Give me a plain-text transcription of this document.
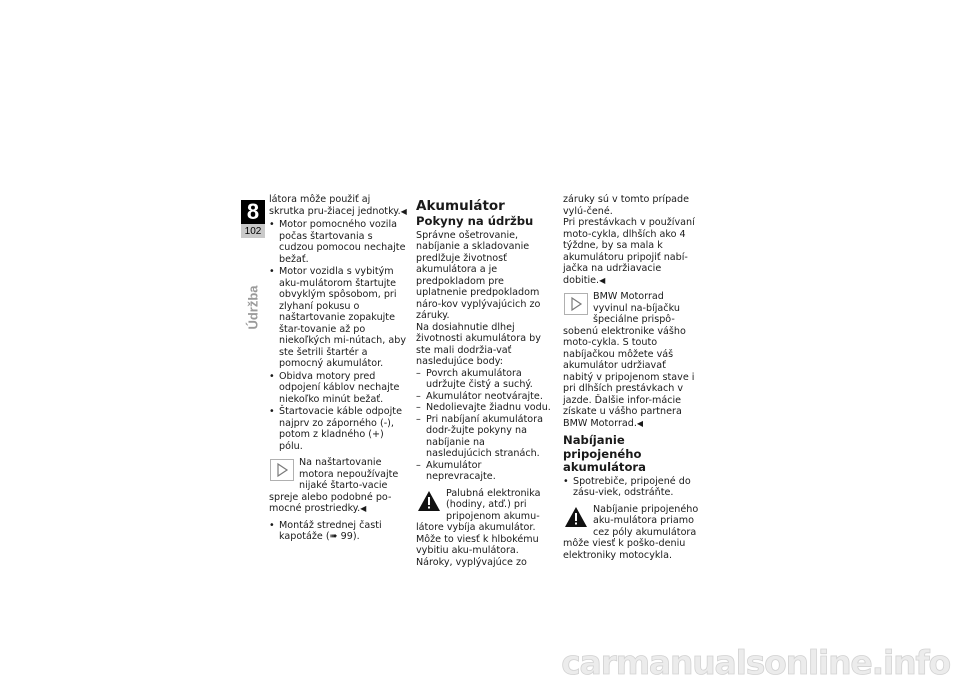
8
102
Údržba

látora môže použiť aj skrutka pru-žiacej jednotky.◀

• Motor pomocného vozila počas štartovania s cudzou pomocou nechajte bežať.
• Motor vozidla s vybitým aku-mulátorom štartujte obvyklým spôsobom, pri zlyhaní pokusu o naštartovanie zopakujte štar-tovanie až po niekoľkých mi-nútach, aby ste šetrili štartér a pomocný akumulátor.
• Obidva motory pred odpojení káblov nechajte niekoľko minút bežať.
• Štartovacie káble odpojte najprv zo záporného (-), potom z kladného (+) pólu.
Na naštartovanie motora nepoužívajte nijaké štarto-vacie spreje alebo podobné po-mocné prostriedky.◀
• Montáž strednej časti kapotáže (➠ 99).
Akumulátor
Pokyny na údržbu

Správne ošetrovanie, nabíjanie a skladovanie predlžuje životnosť akumulátora a je predpokladom pre uplatnenie predpokladom náro-kov vyplývajúcich zo záruky.

Na dosiahnutie dlhej životnosti akumulátora by ste mali dodržia-vať nasledujúce body:

– Povrch akumulátora udržujte čistý a suchý.
– Akumulátor neotvárajte.
– Nedolievajte žiadnu vodu.
– Pri nabíjaní akumulátora dodr-žujte pokyny na nabíjanie na nasledujúcich stranách.
– Akumulátor neprevracajte.
Palubná elektronika (hodiny, atď.) pri pripojenom akumu-látore vybíja akumulátor. Môže to viesť k hlbokému vybitiu aku-mulátora. Nároky, vyplývajúce zo

záruky sú v tomto prípade vylú-čené.

Pri prestávkach v používaní moto-cykla, dlhších ako 4 týždne, by sa mala k akumulátoru pripojiť nabí-jačka na udržiavacie dobitie.◀

BMW Motorrad vyvinul na-bíjačku špeciálne prispô-sobenú elektronike vášho moto-cykla. S touto nabíjačkou môžete váš akumulátor udržiavať nabitý v pripojenom stave i pri dlhších prestávkach v jazde. Ďalšie infor-mácie získate u vášho partnera BMW Motorrad.◀
Nabíjanie pripojeného akumulátora
• Spotrebiče, pripojené do zásu-viek, odstráňte.
Nabíjanie pripojeného aku-mulátora priamo cez póly akumulátora môže viesť k poško-deniu elektroniky motocykla.
carmanualsonline.info
